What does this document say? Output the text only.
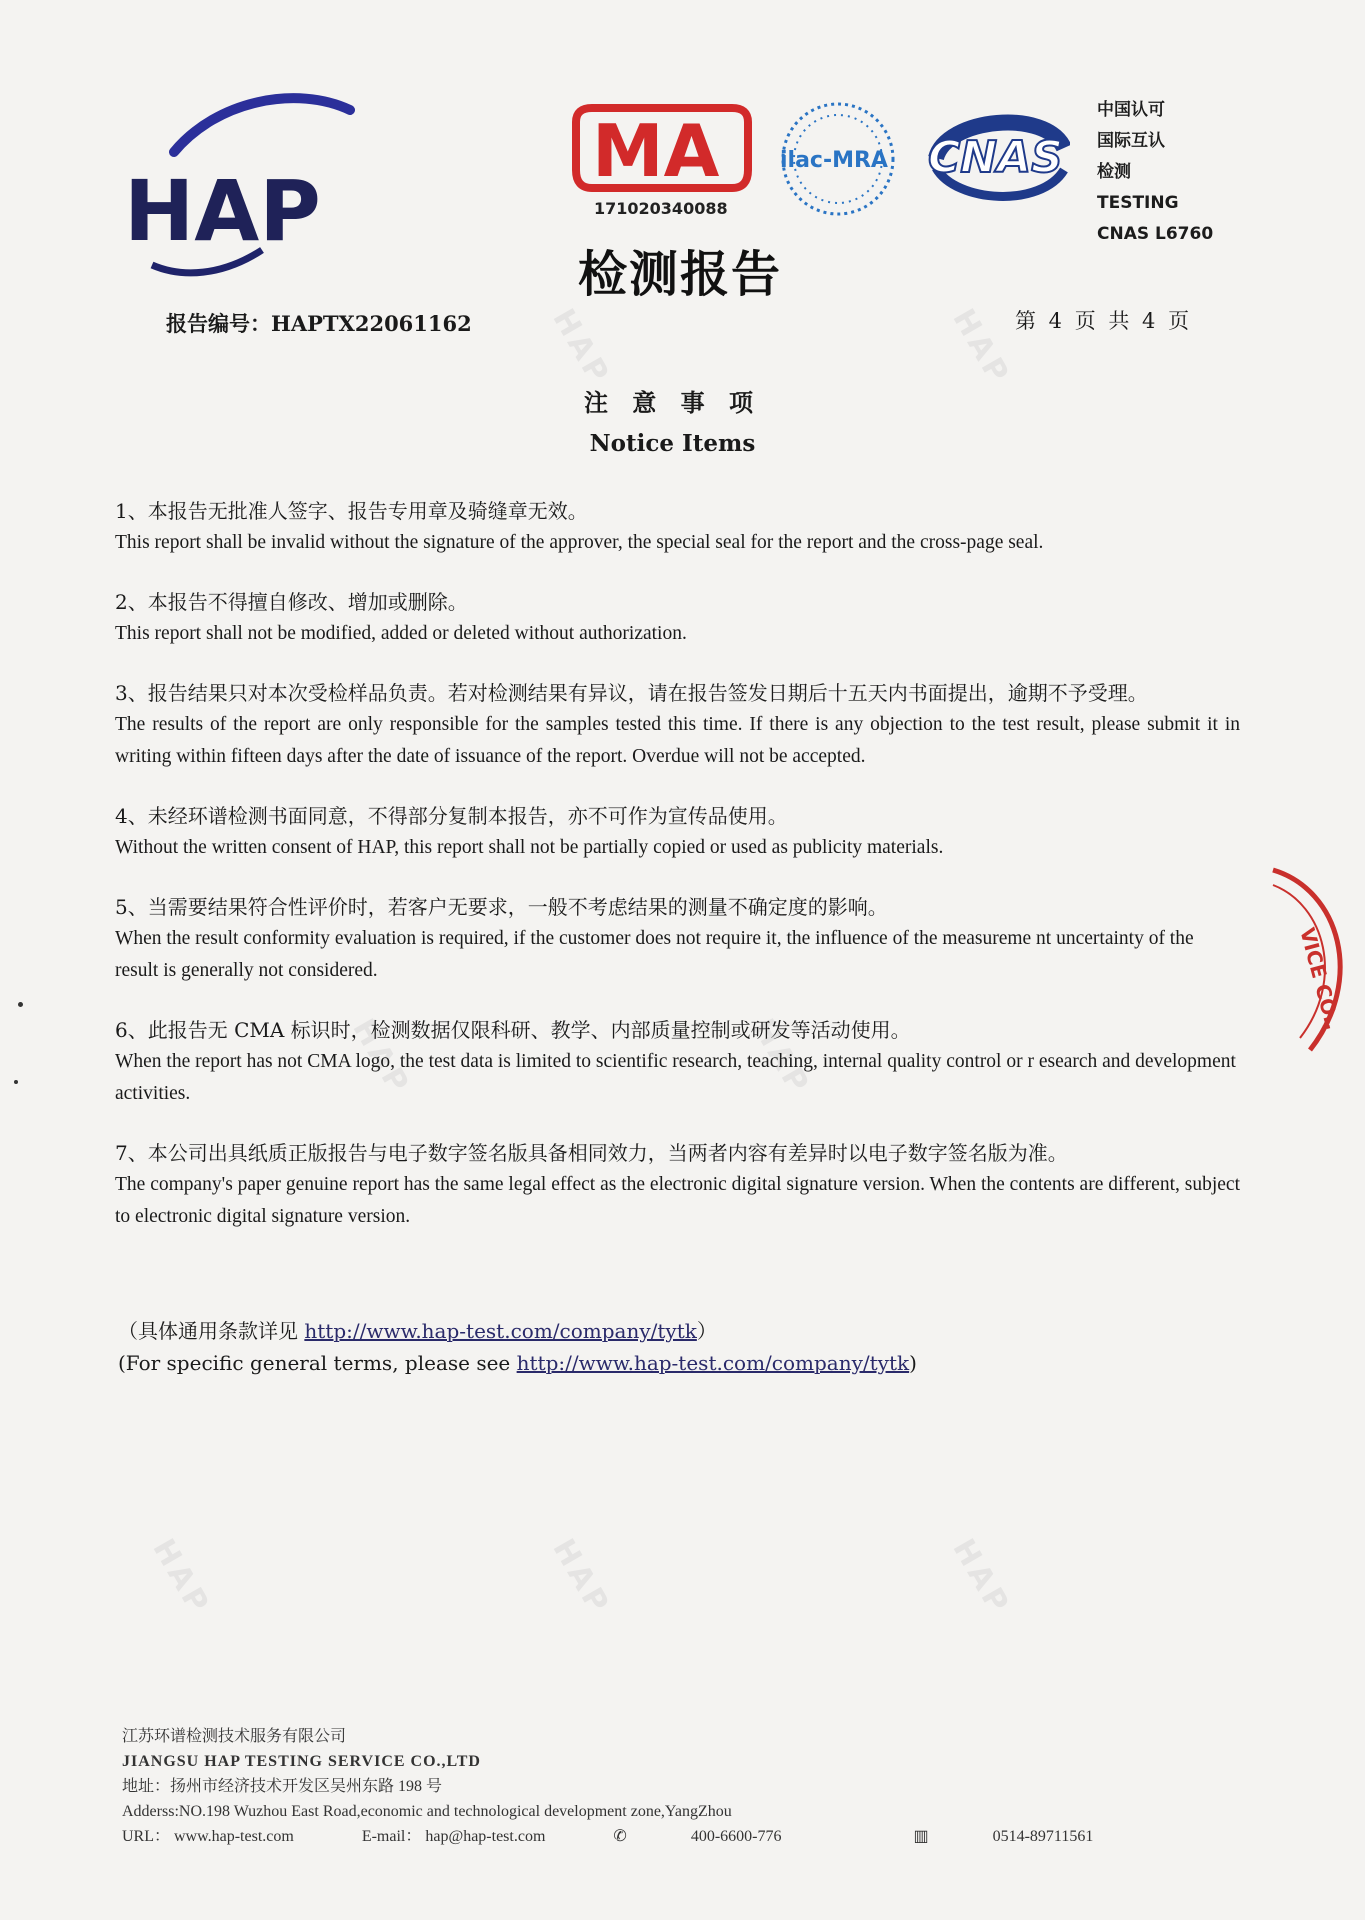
HAP	HAP
HAP	HAP
HAP	HAP	HAP
HAP
MA
171020340088
ilac-MRA CNAS
中国认可
国际互认
检测
TESTING
CNAS L6760
检测报告
报告编号：HAPTX22061162	第 4 页 共 4 页
注 意 事 项
Notice Items
1、本报告无批准人签字、报告专用章及骑缝章无效。
This report shall be invalid without the signature of the approver, the special seal for the report and the cross-page seal.
2、本报告不得擅自修改、增加或删除。
This report shall not be modified, added or deleted without authorization.
3、报告结果只对本次受检样品负责。若对检测结果有异议，请在报告签发日期后十五天内书面提出，逾期不予受理。
The results of the report are only responsible for the samples tested this time. If there is any objection to the test result, please submit it in writing within fifteen days after the date of issuance of the report. Overdue will not be accepted.
4、未经环谱检测书面同意，不得部分复制本报告，亦不可作为宣传品使用。
Without the written consent of HAP, this report shall not be partially copied or used as publicity materials.
5、当需要结果符合性评价时，若客户无要求，一般不考虑结果的测量不确定度的影响。
When the result conformity evaluation is required, if the customer does not require it, the influence of the measureme nt uncertainty of the result is generally not considered.
6、此报告无 CMA 标识时，检测数据仅限科研、教学、内部质量控制或研发等活动使用。
When the report has not CMA logo, the test data is limited to scientific research, teaching, internal quality control or r esearch and development activities.
7、本公司出具纸质正版报告与电子数字签名版具备相同效力，当两者内容有差异时以电子数字签名版为准。
The company's paper genuine report has the same legal effect as the electronic digital signature version. When the contents are different, subject to electronic digital signature version.
（具体通用条款详见 http://www.hap-test.com/company/tytk）
(For specific general terms, please see http://www.hap-test.com/company/tytk)
VICE CO.,
江苏环谱检测技术服务有限公司
JIANGSU HAP TESTING SERVICE CO.,LTD
地址：扬州市经济技术开发区吴州东路 198 号
Adderss:NO.198 Wuzhou East Road,economic and technological development zone,YangZhou
URL： www.hap-test.com	E-mail： hap@hap-test.com	✆	400-6600-776	▥	0514-89711561
